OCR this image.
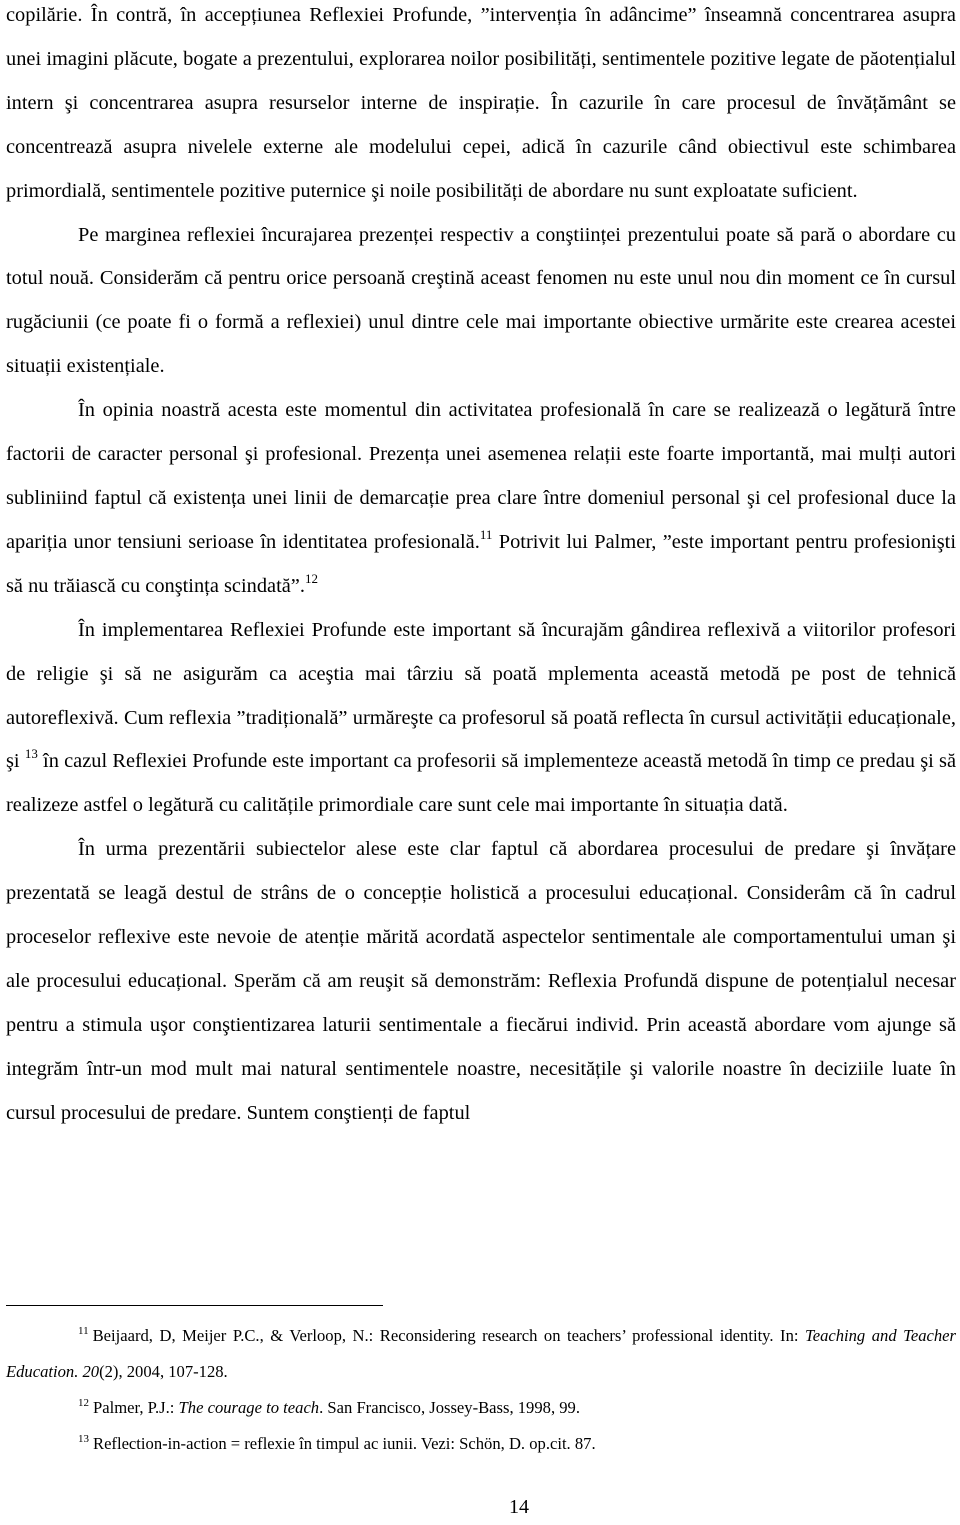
copilărie. În contră, în accepțiunea Reflexiei Profunde, ”intervenția în adâncime” înseamnă concentrarea asupra unei imagini plăcute, bogate a prezentului, explorarea noilor posibilități, sentimentele pozitive legate de păotențialul intern şi concentrarea asupra resurselor interne de inspirație. În cazurile în care procesul de învățământ se concentrează asupra nivelele externe ale modelului cepei, adică în cazurile când obiectivul este schimbarea primordială, sentimentele pozitive puternice şi noile posibilități de abordare nu sunt exploatate suficient.

Pe marginea reflexiei încurajarea prezenței respectiv a conştiinței prezentului poate să pară o abordare cu totul nouă. Considerăm că pentru orice persoană creştină aceast fenomen nu este unul nou din moment ce în cursul rugăciunii (ce poate fi o formă a reflexiei) unul dintre cele mai importante obiective urmărite este crearea acestei situații existențiale.

În opinia noastră acesta este momentul din activitatea profesională în care se realizează o legătură între factorii de caracter personal şi profesional. Prezența unei asemenea relații este foarte importantă, mai mulți autori subliniind faptul că existența unei linii de demarcație prea clare între domeniul personal şi cel profesional duce la apariția unor tensiuni serioase în identitatea profesională.$^{11}$ Potrivit lui Palmer, ”este important pentru profesionişti să nu trăiască cu conştința scindată”.$^{12}$

În implementarea Reflexiei Profunde este important să încurajăm gândirea reflexivă a viitorilor profesori de religie şi să ne asigurăm ca aceştia mai târziu să poată mplementa această metodă pe post de tehnică autoreflexivă. Cum reflexia ”tradițională” urmăreşte ca profesorul să poată reflecta în cursul activității educaționale, şi $^{13}$ în cazul Reflexiei Profunde este important ca profesorii să implementeze această metodă în timp ce predau şi să realizeze astfel o legătură cu calitățile primordiale care sunt cele mai importante în situația dată.

În urma prezentării subiectelor alese este clar faptul că abordarea procesului de predare şi învățare prezentată se leagă destul de strâns de o concepție holistică a procesului educațional. Considerâm că în cadrul proceselor reflexive este nevoie de atenție mărită acordată aspectelor sentimentale ale comportamentului uman şi ale procesului educațional. Sperăm că am reuşit să demonstrăm: Reflexia Profundă dispune de potențialul necesar pentru a stimula uşor conştientizarea laturii sentimentale a fiecărui individ. Prin această abordare vom ajunge să integrăm într-un mod mult mai natural sentimentele noastre, necesitățile şi valorile noastre în deciziile luate în cursul procesului de predare. Suntem conştienți de faptul

$^{11}$ Beijaard, D, Meijer P.C., & Verloop, N.: Reconsidering research on teachers’ professional identity. In: Teaching and Teacher Education. 20(2), 2004, 107-128.

$^{12}$ Palmer, P.J.: The courage to teach. San Francisco, Jossey-Bass, 1998, 99.

$^{13}$ Reflection-in-action = reflexie în timpul ac iunii. Vezi: Schön, D. op.cit. 87.

14
